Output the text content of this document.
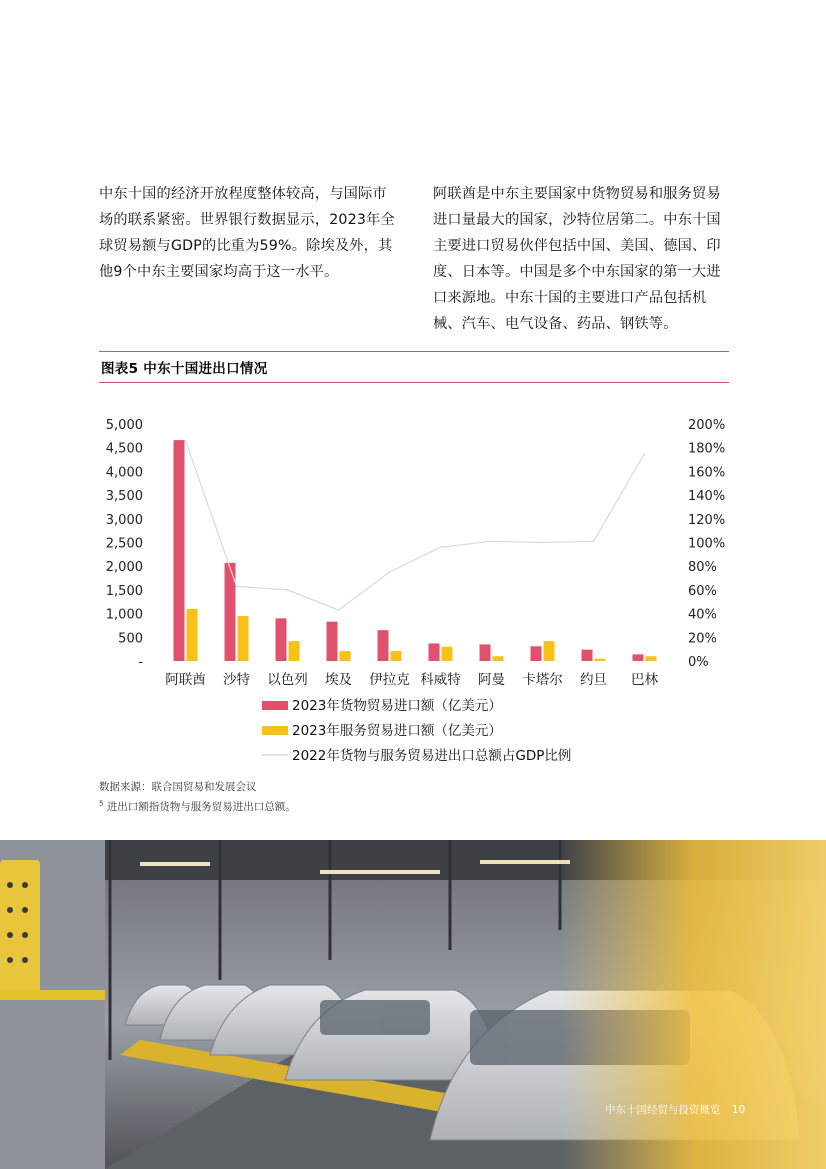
中东十国的经济开放程度整体较高，与国际市场的联系紧密。世界银行数据显示，2023年全球贸易额与GDP的比重为59%。除埃及外，其他9个中东主要国家均高于这一水平。
阿联酋是中东主要国家中货物贸易和服务贸易进口量最大的国家，沙特位居第二。中东十国主要进口贸易伙伴包括中国、美国、德国、印度、日本等。中国是多个中东国家的第一大进口来源地。中东十国的主要进口产品包括机械、汽车、电气设备、药品、钢铁等。
图表5 中东十国进出口情况
5,000
4,500
4,000
3,500
3,000
2,500
2,000
1,500
1,000
500
-
200%
180%
160%
140%
120%
100%
80%
60%
40%
20%
0%
阿联酋 沙特 以色列 埃及 伊拉克 科威特 阿曼 卡塔尔 约旦 巴林
2023年货物贸易进口额（亿美元）
2023年服务贸易进口额（亿美元）
2022年货物与服务贸易进出口总额占GDP比例
数据来源：联合国贸易和发展会议
$^5$ 进出口额指货物与服务贸易进出口总额。
中东十国经贸与投资概览 10
